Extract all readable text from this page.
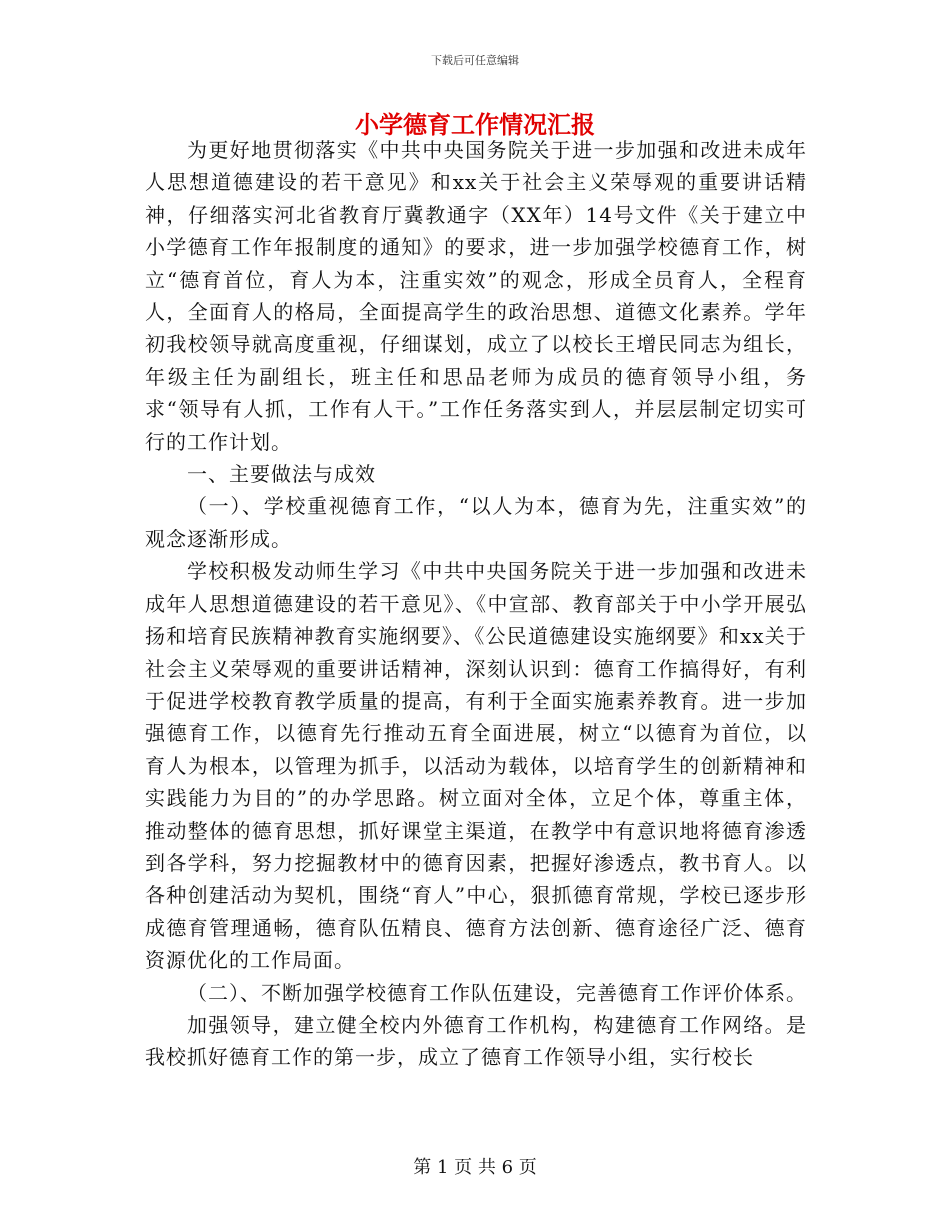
下载后可任意编辑
小学德育工作情况汇报

为更好地贯彻落实《中共中央国务院关于进一步加强和改进未成年人思想道德建设的若干意见》和xx关于社会主义荣辱观的重要讲话精神，仔细落实河北省教育厅冀教通字（XX年）14号文件《关于建立中小学德育工作年报制度的通知》的要求，进一步加强学校德育工作，树立“德育首位，育人为本，注重实效”的观念，形成全员育人，全程育人，全面育人的格局，全面提高学生的政治思想、道德文化素养。学年初我校领导就高度重视，仔细谋划，成立了以校长王增民同志为组长，年级主任为副组长，班主任和思品老师为成员的德育领导小组，务求“领导有人抓，工作有人干。”工作任务落实到人，并层层制定切实可行的工作计划。

一、主要做法与成效

（一）、学校重视德育工作，“以人为本，德育为先，注重实效”的观念逐渐形成。

学校积极发动师生学习《中共中央国务院关于进一步加强和改进未成年人思想道德建设的若干意见》、《中宣部、教育部关于中小学开展弘扬和培育民族精神教育实施纲要》、《公民道德建设实施纲要》和xx关于社会主义荣辱观的重要讲话精神，深刻认识到：德育工作搞得好，有利于促进学校教育教学质量的提高，有利于全面实施素养教育。进一步加强德育工作，以德育先行推动五育全面进展，树立“以德育为首位，以育人为根本，以管理为抓手，以活动为载体，以培育学生的创新精神和实践能力为目的”的办学思路。树立面对全体，立足个体，尊重主体，推动整体的德育思想，抓好课堂主渠道，在教学中有意识地将德育渗透到各学科，努力挖掘教材中的德育因素，把握好渗透点，教书育人。以各种创建活动为契机，围绕“育人”中心，狠抓德育常规，学校已逐步形成德育管理通畅，德育队伍精良、德育方法创新、德育途径广泛、德育资源优化的工作局面。

（二）、不断加强学校德育工作队伍建设，完善德育工作评价体系。

加强领导，建立健全校内外德育工作机构，构建德育工作网络。是我校抓好德育工作的第一步，成立了德育工作领导小组，实行校长

第 1 页 共 6 页
